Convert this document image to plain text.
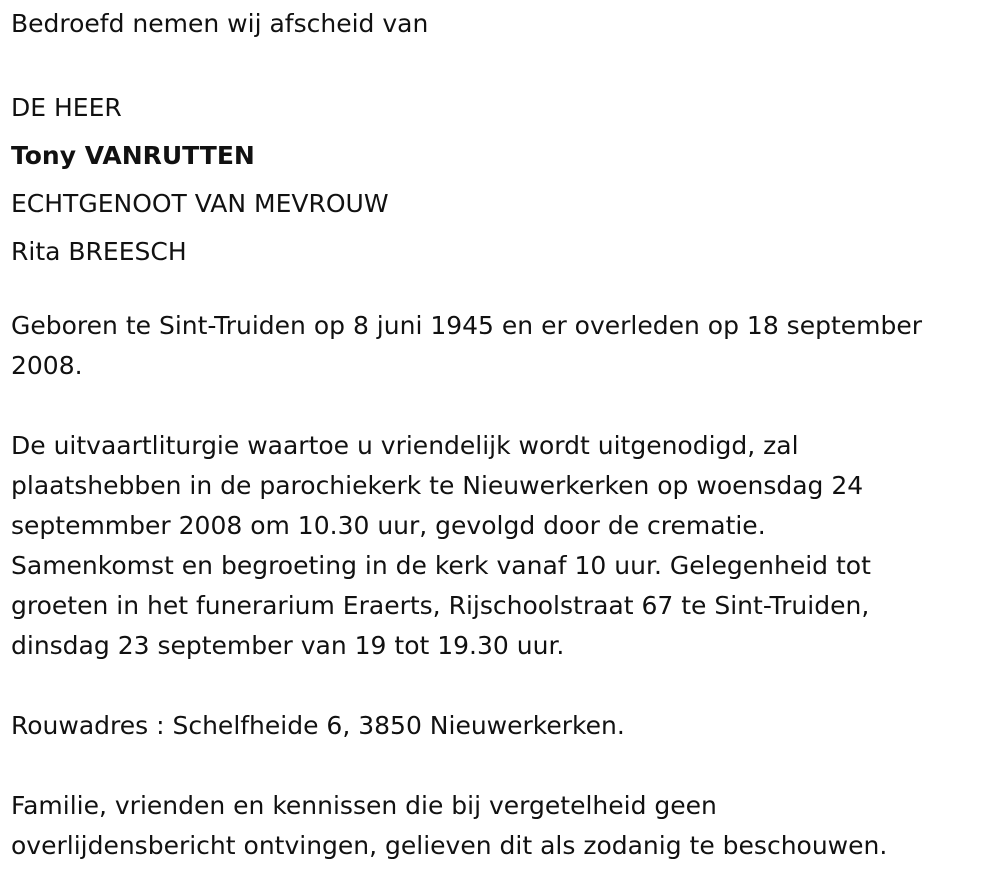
Bedroefd nemen wij afscheid van
DE HEER
Tony VANRUTTEN
ECHTGENOOT VAN MEVROUW
Rita BREESCH
Geboren te Sint-Truiden op 8 juni 1945 en er overleden op 18 september
2008.
De uitvaartliturgie waartoe u vriendelijk wordt uitgenodigd, zal
plaatshebben in de parochiekerk te Nieuwerkerken op woensdag 24
septemmber 2008 om 10.30 uur, gevolgd door de crematie.
Samenkomst en begroeting in de kerk vanaf 10 uur. Gelegenheid tot
groeten in het funerarium Eraerts, Rijschoolstraat 67 te Sint-Truiden,
dinsdag 23 september van 19 tot 19.30 uur.
Rouwadres : Schelfheide 6, 3850 Nieuwerkerken.
Familie, vrienden en kennissen die bij vergetelheid geen
overlijdensbericht ontvingen, gelieven dit als zodanig te beschouwen.
